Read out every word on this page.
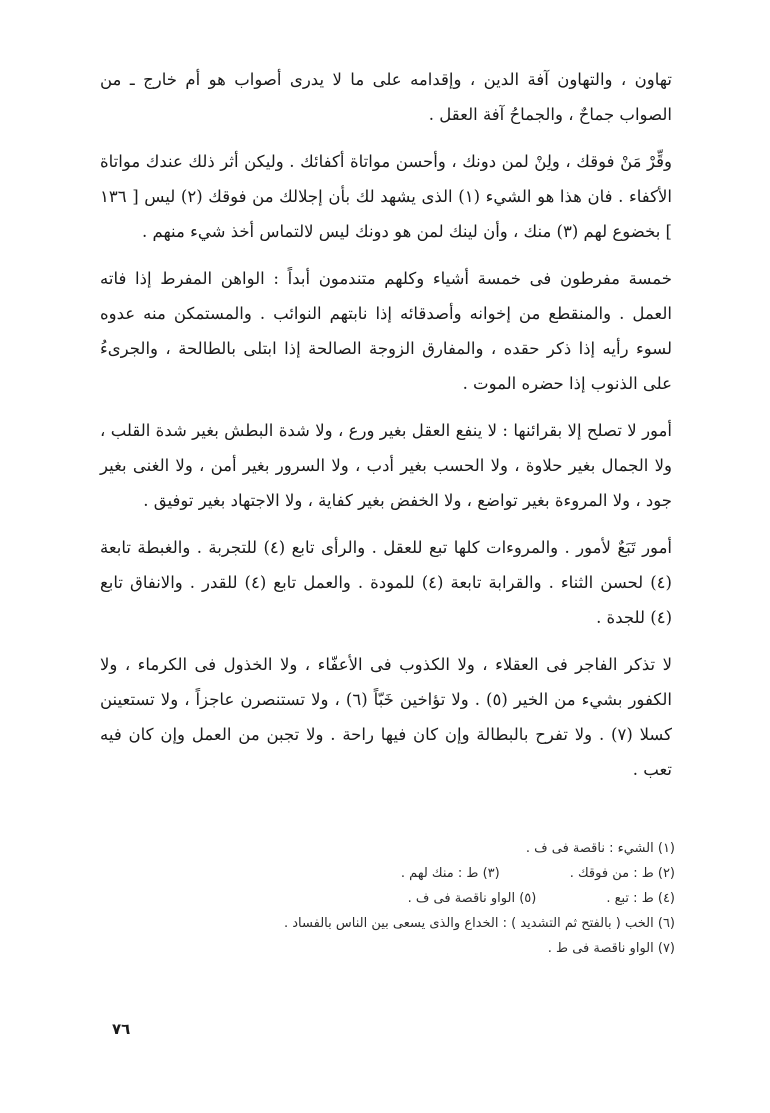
تهاون ، والتهاون آفة الدين ، وإقدامه على ما لا يدرى أصواب هو أم خارج ـ من الصواب جماحٌ ، والجماحُ آفة العقل .

وقِّرْ مَنْ فوقك ، ولِنْ لمن دونك ، وأحسن مواتاة أكفائك . وليكن أثر ذلك عندك مواتاة الأكفاء . فان هذا هو الشيء (١) الذى يشهد لك بأن إجلالك من فوقك (٢) ليس [ ١٣٦ ] بخضوع لهم (٣) منك ، وأن لينك لمن هو دونك ليس لالتماس أخذ شيء منهم .

خمسة مفرطون فى خمسة أشياء وكلهم متندمون أبداً : الواهن المفرط إذا فاته العمل . والمنقطع من إخوانه وأصدقائه إذا نابتهم النوائب . والمستمكن منه عدوه لسوء رأيه إذا ذكر حقده ، والمفارق الزوجة الصالحة إذا ابتلى بالطالحة ، والجرىءُ على الذنوب إذا حضره الموت .

أمور لا تصلح إلا بقرائنها : لا ينفع العقل بغير ورع ، ولا شدة البطش بغير شدة القلب ، ولا الجمال بغير حلاوة ، ولا الحسب بغير أدب ، ولا السرور بغير أمن ، ولا الغنى بغير جود ، ولا المروءة بغير تواضع ، ولا الخفض بغير كفاية ، ولا الاجتهاد بغير توفيق .

أمور تَبَعٌ لأمور . والمروءات كلها تبع للعقل . والرأى تابع (٤) للتجربة . والغبطة تابعة (٤) لحسن الثناء . والقرابة تابعة (٤) للمودة . والعمل تابع (٤) للقدر . والانفاق تابع (٤) للجدة .

لا تذكر الفاجر فى العقلاء ، ولا الكذوب فى الأعفّاء ، ولا الخذول فى الكرماء ، ولا الكفور بشيء من الخير (٥) . ولا تؤاخين خَبّاً (٦) ، ولا تستنصرن عاجزاً ، ولا تستعينن كسلا (٧) . ولا تفرح بالبطالة وإن كان فيها راحة . ولا تجبن من العمل وإن كان فيه تعب .

(١) الشيء : ناقصة فى ف .
(٢) ط : من فوقك .
(٣) ط : منك لهم .
(٤) ط : تبع .
(٥) الواو ناقصة فى ف .
(٦) الخب ( بالفتح ثم التشديد ) : الخداع والذى يسعى بين الناس بالفساد .
(٧) الواو ناقصة فى ط .
٧٦
